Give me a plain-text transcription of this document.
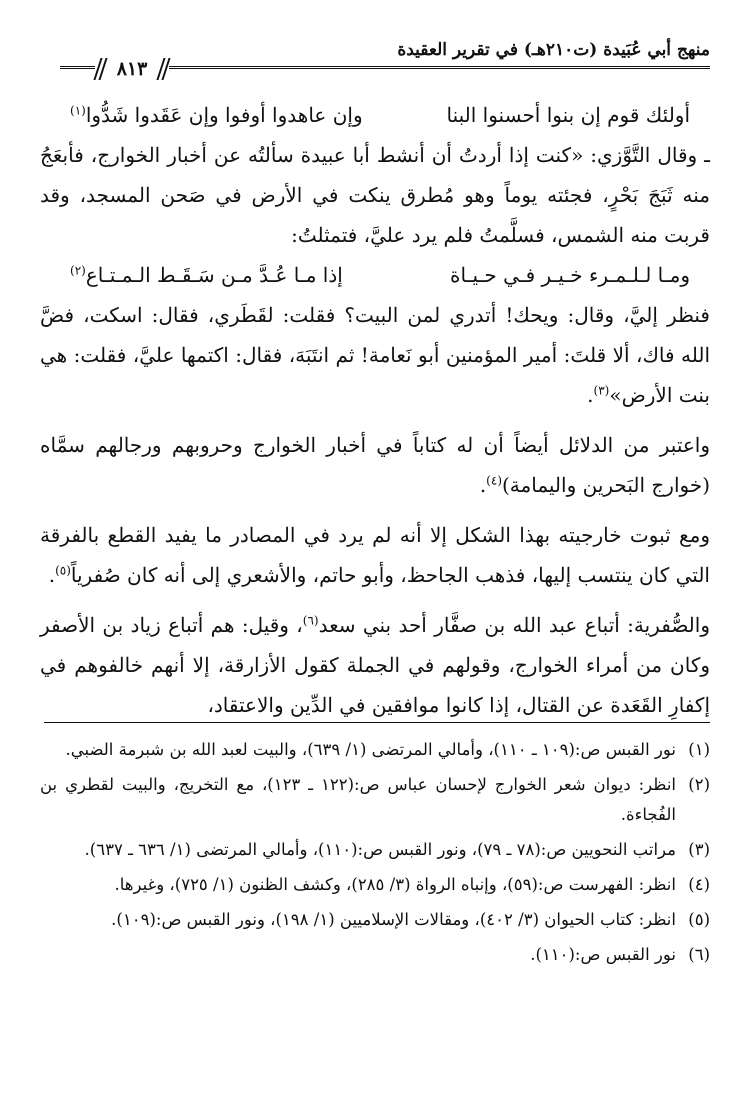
منهج أبي عُبَيدة (ت٢١٠هـ) في تقرير العقيدة
٨١٣
أولئك قوم إن بنوا أحسنوا البنا
وإن عاهدوا أوفوا وإن عَقَدوا شَدُّوا$^{(١)}$

ـ وقال التَّوَّزي: «كنت إذا أردتُ أن أنشط أبا عبيدة سألتُه عن أخبار الخوارج، فأبعَجُ منه ثَبَجَ بَحْرٍ، فجئته يوماً وهو مُطرق ينكت في الأرض في صَحن المسجد، وقد قربت منه الشمس، فسلَّمتُ فلم يرد عليَّ، فتمثلتُ:

ومـا لـلـمـرء خـيـر فـي حـيـاة
إذا مـا عُـدَّ مـن سَـقَـط الـمـتـاع$^{(٢)}$

فنظر إليَّ، وقال: ويحك! أتدري لمن البيت؟ فقلت: لقَطَري، فقال: اسكت، فضَّ الله فاك، ألا قلتَ: أمير المؤمنين أبو نَعامة! ثم انتَبَهَ، فقال: اكتمها عليَّ، فقلت: هي بنت الأرض»$^{(٣)}$.

واعتبر من الدلائل أيضاً أن له كتاباً في أخبار الخوارج وحروبهم ورجالهم سمَّاه (خوارج البَحرين واليمامة)$^{(٤)}$.

ومع ثبوت خارجيته بهذا الشكل إلا أنه لم يرد في المصادر ما يفيد القطع بالفرقة التي كان ينتسب إليها، فذهب الجاحظ، وأبو حاتم، والأشعري إلى أنه كان صُفرياً$^{(٥)}$.

والصُّفرية: أتباع عبد الله بن صفَّار أحد بني سعد$^{(٦)}$، وقيل: هم أتباع زياد بن الأصفر وكان من أمراء الخوارج، وقولهم في الجملة كقول الأزارقة، إلا أنهم خالفوهم في إكفارِ القَعَدة عن القتال، إذا كانوا موافقين في الدِّين والاعتقاد،

(١)
نور القبس ص:(١٠٩ ـ ١١٠)، وأمالي المرتضى (١/ ٦٣٩)، والبيت لعبد الله بن شبرمة الضبي.
(٢)
انظر: ديوان شعر الخوارج لإحسان عباس ص:(١٢٢ ـ ١٢٣)، مع التخريج، والبيت لقطري بن الفُجاءة.
(٣)
مراتب النحويين ص:(٧٨ ـ ٧٩)، ونور القبس ص:(١١٠)، وأمالي المرتضى (١/ ٦٣٦ ـ ٦٣٧).
(٤)
انظر: الفهرست ص:(٥٩)، وإنباه الرواة (٣/ ٢٨٥)، وكشف الظنون (١/ ٧٢٥)، وغيرها.
(٥)
انظر: كتاب الحيوان (٣/ ٤٠٢)، ومقالات الإسلاميين (١/ ١٩٨)، ونور القبس ص:(١٠٩).
(٦)
نور القبس ص:(١١٠).
